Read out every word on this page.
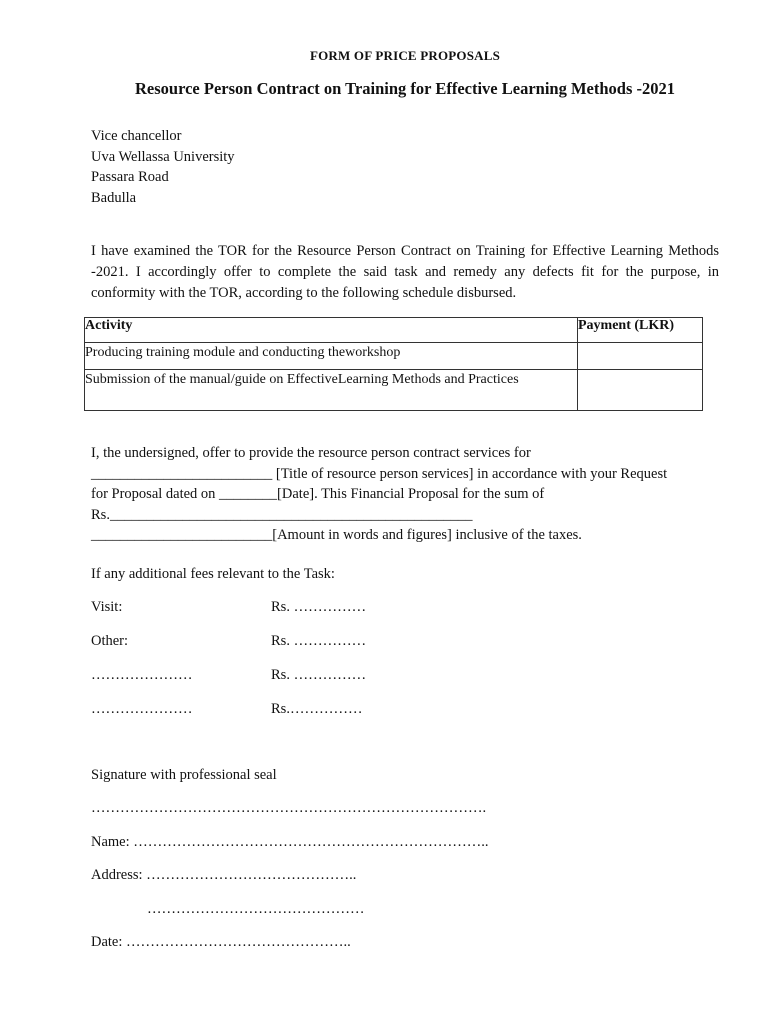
FORM OF PRICE PROPOSALS
Resource Person Contract on Training for Effective Learning Methods -2021
Vice chancellor
Uva Wellassa University
Passara Road
Badulla
I have examined the TOR for the Resource Person Contract on Training for Effective Learning Methods -2021. I accordingly offer to complete the said task and remedy any defects fit for the purpose, in conformity with the TOR, according to the following schedule disbursed.
Activity	Payment (LKR)
Producing training module and conducting theworkshop	
Submission of the manual/guide on EffectiveLearning Methods and Practices	
I, the undersigned, offer to provide the resource person contract services for
_________________________ [Title of resource person services] in accordance with your Request
for Proposal dated on ________[Date]. This Financial Proposal for the sum of
Rs.__________________________________________________
_________________________[Amount in words and figures] inclusive of the taxes.
If any additional fees relevant to the Task:
Visit:	Rs. ……………
Other:	Rs. ……………
…………………	Rs. ……………
…………………	Rs.……………
Signature with professional seal
……………………………………………………………………….
Name: ………………………………………………………………..
Address: ……………………………………..
………………………………………
Date: ………………………………………..
